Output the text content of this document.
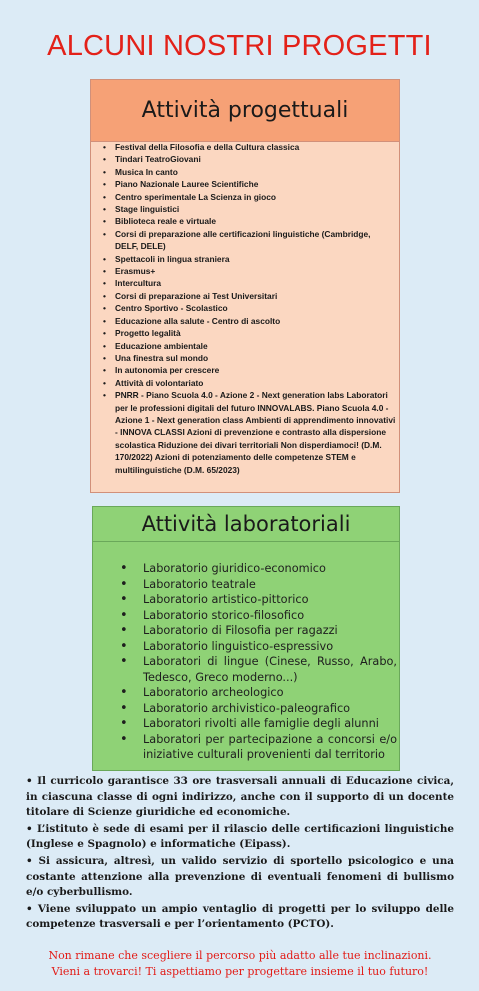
ALCUNI NOSTRI PROGETTI
Attività progettuali
• Festival della Filosofia e della Cultura classica
• Tindari TeatroGiovani
• Musica In canto
• Piano Nazionale Lauree Scientifiche
• Centro sperimentale La Scienza in gioco
• Stage linguistici
• Biblioteca reale e virtuale
• Corsi di preparazione alle certificazioni linguistiche (Cambridge, DELF, DELE)
• Spettacoli in lingua straniera
• Erasmus+
• Intercultura
• Corsi di preparazione ai Test Universitari
• Centro Sportivo - Scolastico
• Educazione alla salute - Centro di ascolto
• Progetto legalità
• Educazione ambientale
• Una finestra sul mondo
• In autonomia per crescere
• Attività di volontariato
• PNRR - Piano Scuola 4.0 - Azione 2 - Next generation labs Laboratori per le professioni digitali del futuro INNOVALABS. Piano Scuola 4.0 - Azione 1 - Next generation class Ambienti di apprendimento innovativi - INNOVA CLASSI Azioni di prevenzione e contrasto alla dispersione scolastica Riduzione dei divari territoriali Non disperdiamoci! (D.M. 170/2022) Azioni di potenziamento delle competenze STEM e multilinguistiche (D.M. 65/2023)
Attività laboratoriali
• Laboratorio giuridico-economico
• Laboratorio teatrale
• Laboratorio artistico-pittorico
• Laboratorio storico-filosofico
• Laboratorio di Filosofia per ragazzi
• Laboratorio linguistico-espressivo
• Laboratori di lingue (Cinese, Russo, Arabo, Tedesco, Greco moderno...)
• Laboratorio archeologico
• Laboratorio archivistico-paleografico
• Laboratori rivolti alle famiglie degli alunni
• Laboratori per partecipazione a concorsi e/o iniziative culturali provenienti dal territorio

• Il curricolo garantisce 33 ore trasversali annuali di Educazione civica, in ciascuna classe di ogni indirizzo, anche con il supporto di un docente titolare di Scienze giuridiche ed economiche.

• L’istituto è sede di esami per il rilascio delle certificazioni linguistiche (Inglese e Spagnolo) e informatiche (Eipass).

• Si assicura, altresì, un valido servizio di sportello psicologico e una costante attenzione alla prevenzione di eventuali fenomeni di bullismo e/o cyberbullismo.

• Viene sviluppato un ampio ventaglio di progetti per lo sviluppo delle competenze trasversali e per l’orientamento (PCTO).

Non rimane che scegliere il percorso più adatto alle tue inclinazioni.
Vieni a trovarci! Ti aspettiamo per progettare insieme il tuo futuro!
